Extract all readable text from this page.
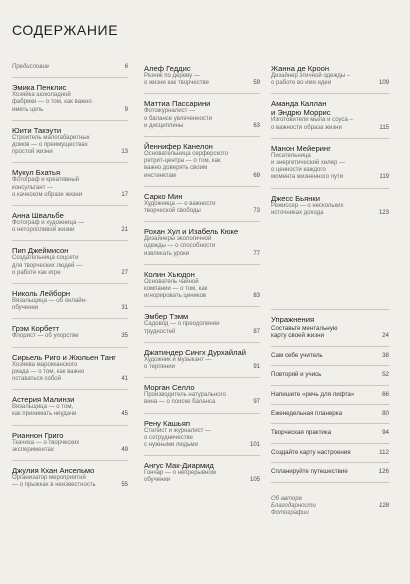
СОДЕРЖАНИЕ
6
Предисловие
Эмика Пенклис
Хозяйка шоколадной
фабрики — о том, как важно
9
иметь цель
Юити Такэути
Строитель малогабаритных
домов — о преимуществах
13
простой жизни
Мукул Бхатья
Фотограф и креативный
консультант —
17
о каческом образе жизни
Анна Швальбе
Фотограф и художница —
21
о неторопливой жизни
Пип Джеймисон
Создательница соцсети
для творческих людей —
27
о работе как игре
Николь Лейборн
Вязальщица — об онлайн-
31
обучении
Грэм Корбетт
35
Флорист — об упорстве
Сирьель Риго и Жюльен Танг
Хозяева марокканского
риада — о том, как важно
41
оставаться собой
Астерия Малинзи
Вязальщица — о том,
45
как принимать неудачи
Рианнон Григо
Ткачиха — о творческих
49
экспериментах
Джулия Кхан Ансельмо
Организатор мероприятий
55
— о прыжках в неизвестность
Алеф Геддис
Резчик по дереву —
59
о жизни как творчестве
Маттиа Пассарини
Фотожурналист —
о балансе увлеченности
63
и дисциплины
Йеннифер Канелон
Основательница серферского
ретрит-центра — о том, как
важно доверять своим
69
инстинктам
Сарко Мин
Художница — о важности
73
творческой свободы
Рохан Хул и Изабель Кюке
Дизайнеры экологичной
одежды — о способности
77
извлекать уроки
Колин Хьюдон
Основатель чайной
компании — о том, как
83
игнорировать циников
Эмбер Тэмм
Садовод — о преодолении
87
трудностей
Джатиндер Сингх Дурхайлай
Художник и музыкант —
91
о терпении
Морган Селло
Производитель натурального
97
вина — о поиске баланса
Рену Кашьяп
Стилист и журналист —
о сотрудничестве
101
с нужными людьми
Ангус Мак-Диармид
Гончар — о непрерывном
105
обучении
Жанна де Кроон
Дизайнер этичной одежды –
109
о работе во имя идеи
Аманда Каллан
и Эндрю Моррис
Изготовители мыла и соуса –
115
о важности образа жизни
Манон Мейеринг
Писательница
и энергетический хилер —
о ценности каждого
119
момента жизненного пути
Джесс Бьянки
Режиссер — о нескольких
123
источниках дохода
Упражнения
Составьте ментальную
24
карту своей жизни
38
Сам себе учитель
52
Повторяй и учись
66
Напишите «речь для лифта»
80
Еженедельная планерка
94
Творческая практика
112
Создайте карту настроения
126
Спланируйте путешествие
Об авторе
128
Благодарности
Фотографии
